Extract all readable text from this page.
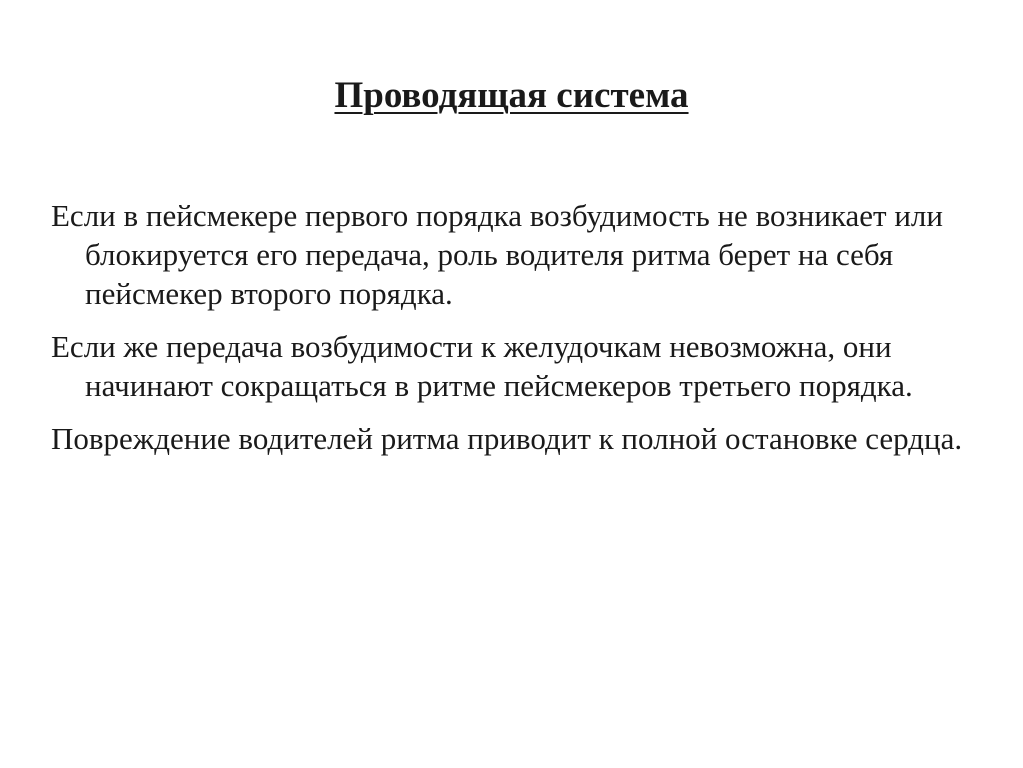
Проводящая система

Если в пейсмекере первого порядка возбудимость не возникает или блокируется его передача, роль водителя ритма берет на себя пейсмекер второго порядка.

Если же передача возбудимости к желудочкам невозможна, они начинают сокращаться в ритме пейсмекеров третьего порядка.

Повреждение водителей ритма приводит к полной остановке сердца.
